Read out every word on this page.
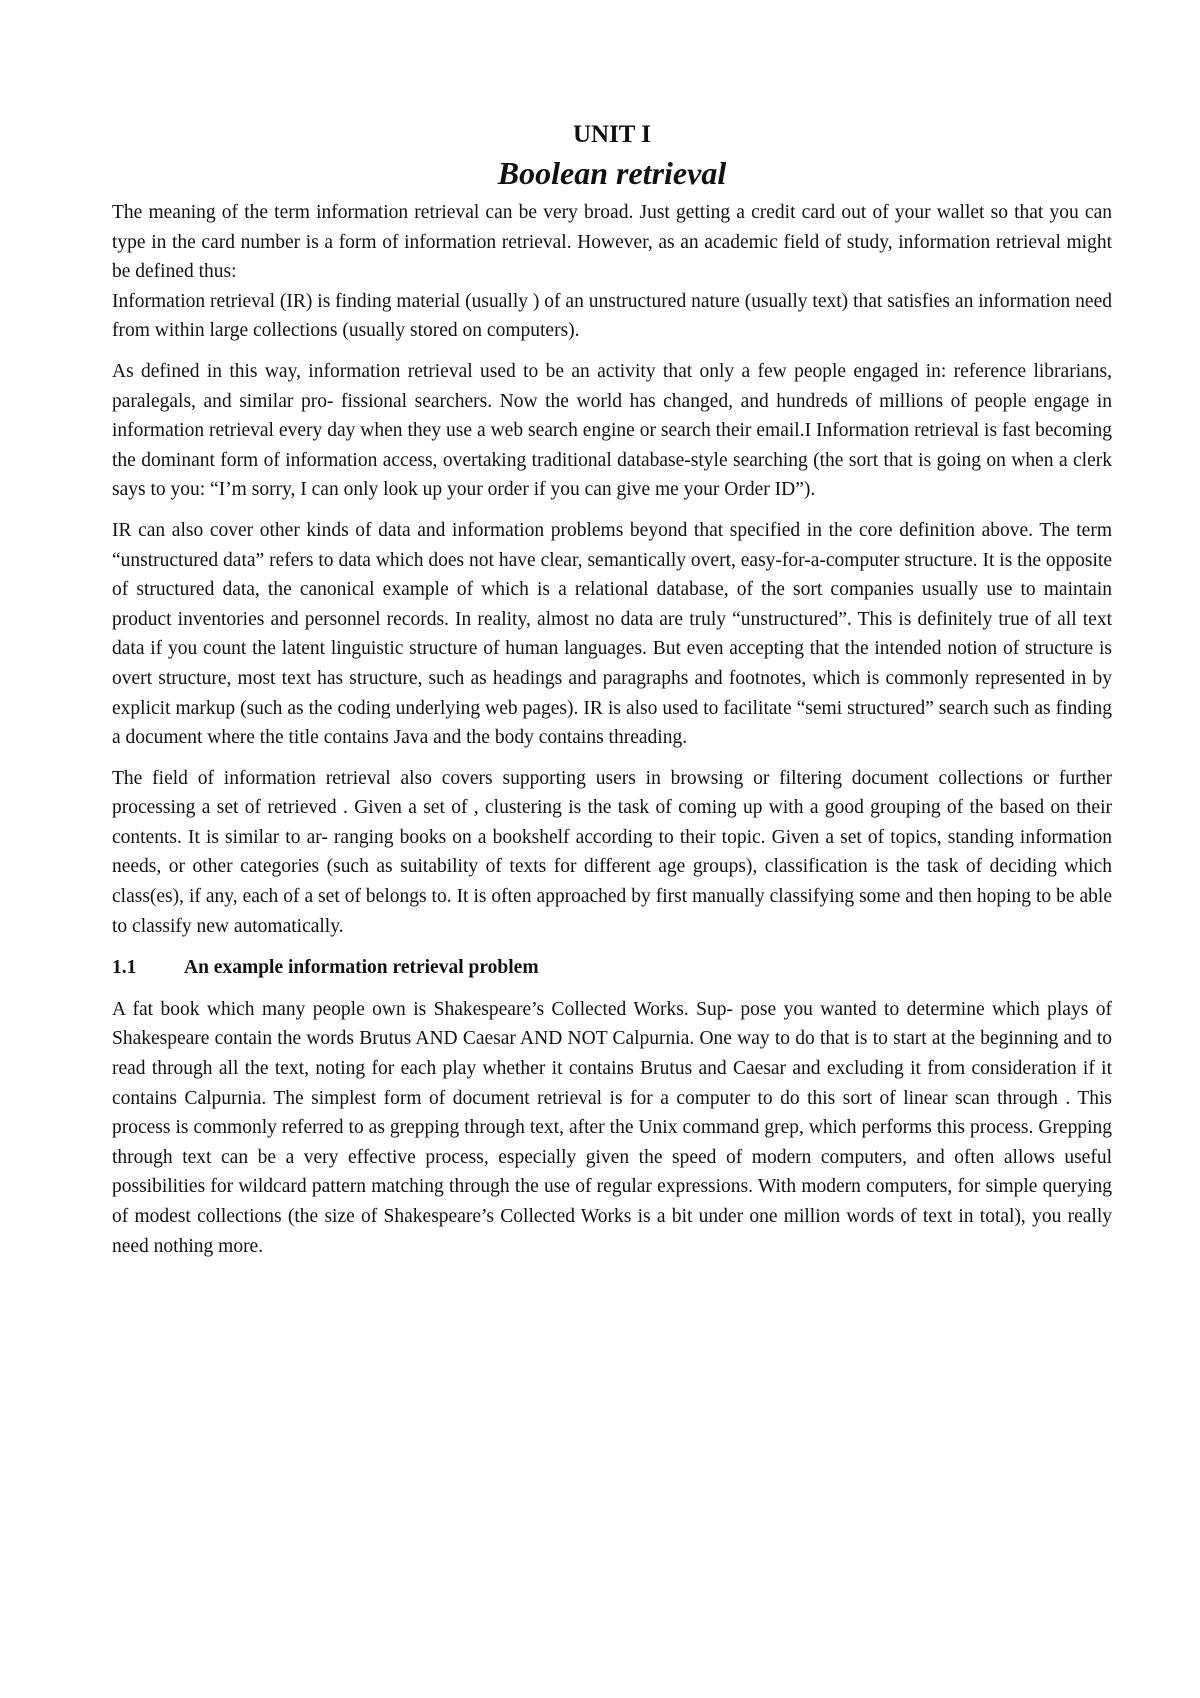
UNIT I
Boolean retrieval

The meaning of the term information retrieval can be very broad. Just getting a credit card out of your wallet so that you can type in the card number is a form of information retrieval. However, as an academic field of study, information retrieval might be defined thus:

Information retrieval (IR) is finding material (usually ) of an unstructured nature (usually text) that satisfies an information need from within large collections (usually stored on computers).

As defined in this way, information retrieval used to be an activity that only a few people engaged in: reference librarians, paralegals, and similar pro- fissional searchers. Now the world has changed, and hundreds of millions of people engage in information retrieval every day when they use a web search engine or search their email.I Information retrieval is fast becoming the dominant form of information access, overtaking traditional database-style searching (the sort that is going on when a clerk says to you: “I’m sorry, I can only look up your order if you can give me your Order ID”).

IR can also cover other kinds of data and information problems beyond that specified in the core definition above. The term “unstructured data” refers to data which does not have clear, semantically overt, easy-for-a-computer structure. It is the opposite of structured data, the canonical example of which is a relational database, of the sort companies usually use to maintain product inventories and personnel records. In reality, almost no data are truly “unstructured”. This is definitely true of all text data if you count the latent linguistic structure of human languages. But even accepting that the intended notion of structure is overt structure, most text has structure, such as headings and paragraphs and footnotes, which is commonly represented in by explicit markup (such as the coding underlying web pages). IR is also used to facilitate “semi structured” search such as finding a document where the title contains Java and the body contains threading.

The field of information retrieval also covers supporting users in browsing or filtering document collections or further processing a set of retrieved . Given a set of , clustering is the task of coming up with a good grouping of the based on their contents. It is similar to ar- ranging books on a bookshelf according to their topic. Given a set of topics, standing information needs, or other categories (such as suitability of texts for different age groups), classification is the task of deciding which class(es), if any, each of a set of belongs to. It is often approached by first manually classifying some and then hoping to be able to classify new automatically.

1.1	An example information retrieval problem

A fat book which many people own is Shakespeare’s Collected Works. Sup- pose you wanted to determine which plays of Shakespeare contain the words Brutus AND Caesar AND NOT Calpurnia. One way to do that is to start at the beginning and to read through all the text, noting for each play whether it contains Brutus and Caesar and excluding it from consideration if it contains Calpurnia. The simplest form of document retrieval is for a computer to do this sort of linear scan through . This process is commonly referred to as grepping through text, after the Unix command grep, which performs this process. Grepping through text can be a very effective process, especially given the speed of modern computers, and often allows useful possibilities for wildcard pattern matching through the use of regular expressions. With modern computers, for simple querying of modest collections (the size of Shakespeare’s Collected Works is a bit under one million words of text in total), you really need nothing more.
